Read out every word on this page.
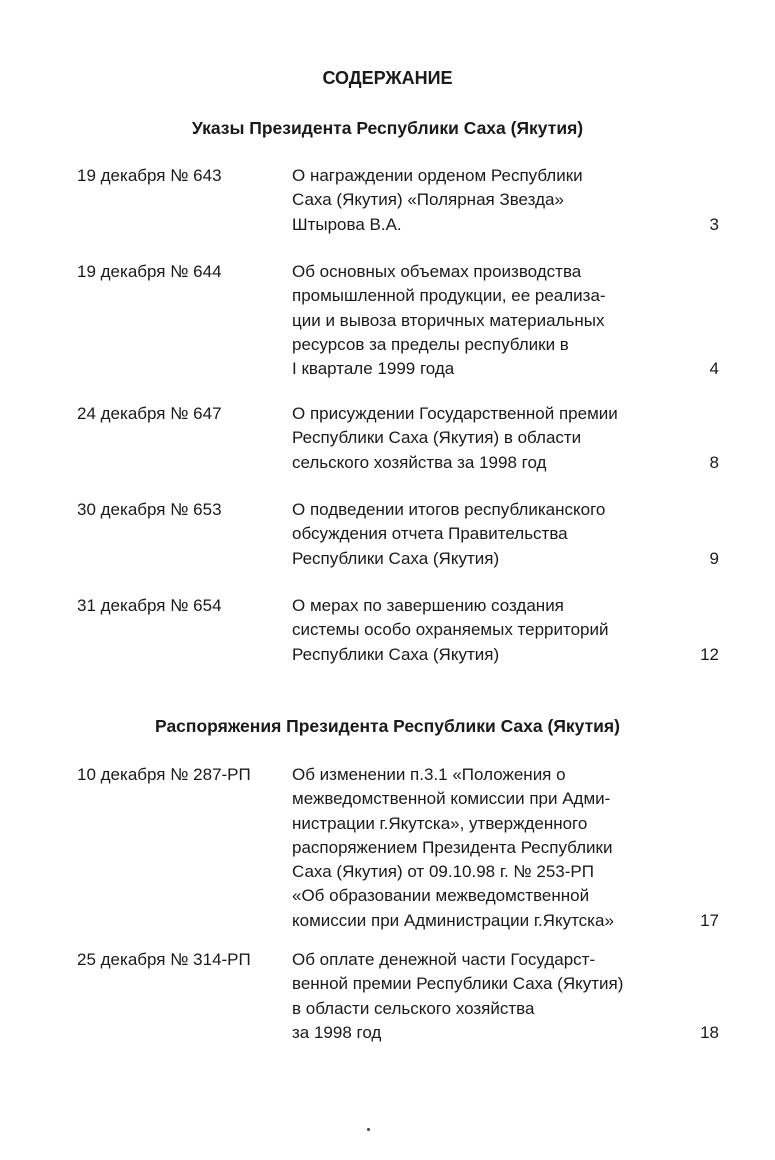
СОДЕРЖАНИЕ
Указы Президента Республики Саха (Якутия)
Распоряжения Президента Республики Саха (Якутия)
19 декабря № 643	О награждении орденом Республики
Саха (Якутия) «Полярная Звезда»
Штырова В.А.	3
19 декабря № 644	Об основных объемах производства
промышленной продукции, ее реализа-
ции и вывоза вторичных материальных
ресурсов за пределы республики в
I квартале 1999 года	4
24 декабря № 647	О присуждении Государственной премии
Республики Саха (Якутия) в области
сельского хозяйства за 1998 год	8
30 декабря № 653	О подведении итогов республиканского
обсуждения отчета Правительства
Республики Саха (Якутия)	9
31 декабря № 654	О мерах по завершению создания
системы особо охраняемых территорий
Республики Саха (Якутия)	12
10 декабря № 287-РП Об изменении п.3.1 «Положения о
межведомственной комиссии при Адми-
нистрации г.Якутска», утвержденного
распоряжением Президента Республики
Саха (Якутия) от 09.10.98 г. № 253-РП
«Об образовании межведомственной
комиссии при Администрации г.Якутска»	17
25 декабря № 314-РП Об оплате денежной части Государст-
венной премии Республики Саха (Якутия)
в области сельского хозяйства
за 1998 год	18
